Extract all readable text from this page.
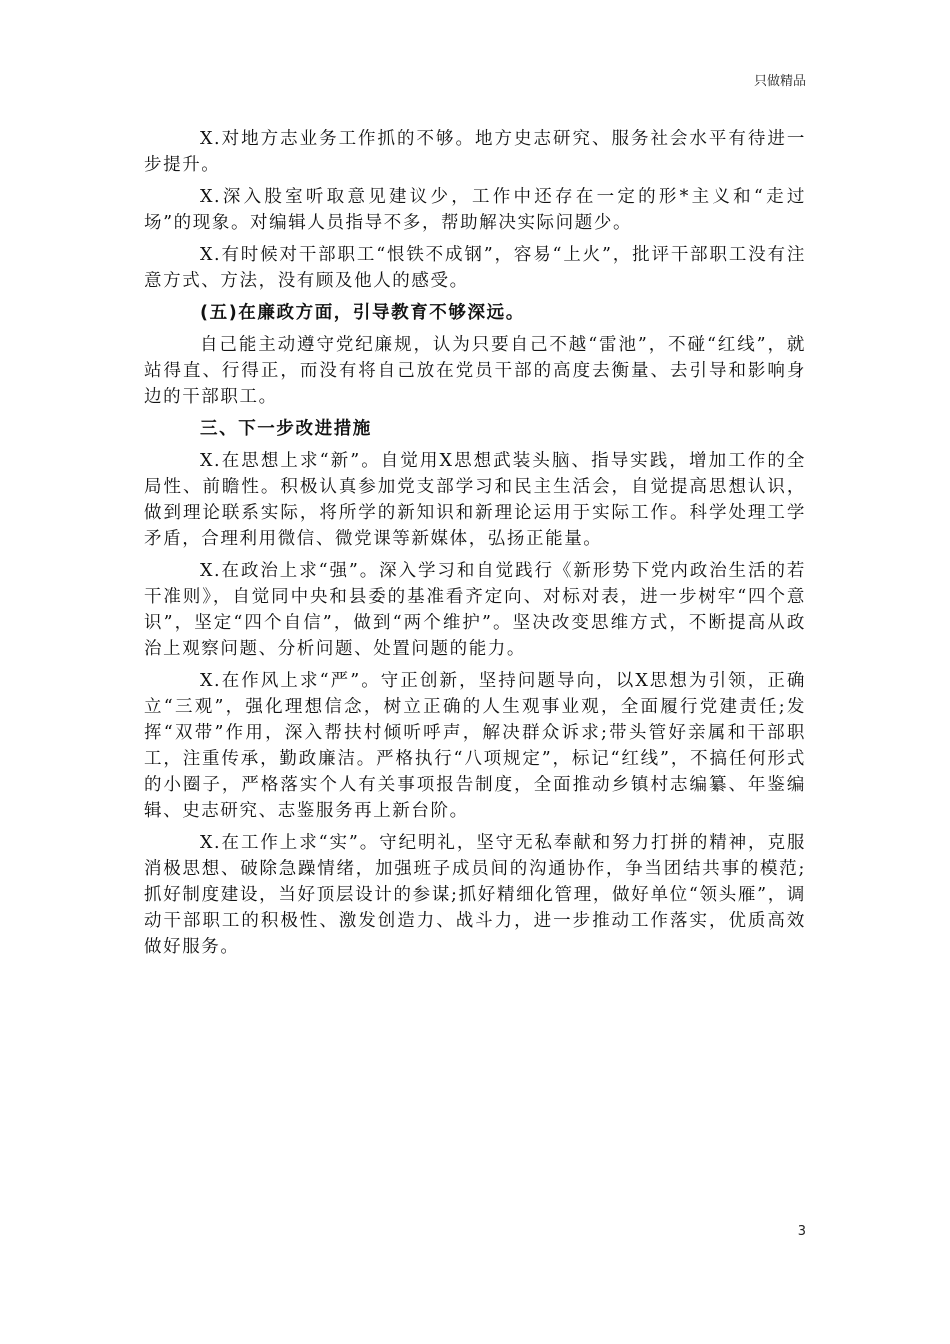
只做精品

X.对地方志业务工作抓的不够。地方史志研究、服务社会水平有待进一步提升。

X.深入股室听取意见建议少，工作中还存在一定的形*主义和“走过场”的现象。对编辑人员指导不多，帮助解决实际问题少。

X.有时候对干部职工“恨铁不成钢”，容易“上火”，批评干部职工没有注意方式、方法，没有顾及他人的感受。

(五)在廉政方面，引导教育不够深远。

自己能主动遵守党纪廉规，认为只要自己不越“雷池”，不碰“红线”，就站得直、行得正，而没有将自己放在党员干部的高度去衡量、去引导和影响身边的干部职工。

三、下一步改进措施

X.在思想上求“新”。自觉用X思想武装头脑、指导实践，增加工作的全局性、前瞻性。积极认真参加党支部学习和民主生活会，自觉提高思想认识，做到理论联系实际，将所学的新知识和新理论运用于实际工作。科学处理工学矛盾，合理利用微信、微党课等新媒体，弘扬正能量。

X.在政治上求“强”。深入学习和自觉践行《新形势下党内政治生活的若干准则》，自觉同中央和县委的基准看齐定向、对标对表，进一步树牢“四个意识”，坚定“四个自信”，做到“两个维护”。坚决改变思维方式，不断提高从政治上观察问题、分析问题、处置问题的能力。

X.在作风上求“严”。守正创新，坚持问题导向，以X思想为引领，正确立“三观”，强化理想信念，树立正确的人生观事业观，全面履行党建责任;发挥“双带”作用，深入帮扶村倾听呼声，解决群众诉求;带头管好亲属和干部职工，注重传承，勤政廉洁。严格执行“八项规定”，标记“红线”，不搞任何形式的小圈子，严格落实个人有关事项报告制度，全面推动乡镇村志编纂、年鉴编辑、史志研究、志鉴服务再上新台阶。

X.在工作上求“实”。守纪明礼，坚守无私奉献和努力打拼的精神，克服消极思想、破除急躁情绪，加强班子成员间的沟通协作，争当团结共事的模范;抓好制度建设，当好顶层设计的参谋;抓好精细化管理，做好单位“领头雁”，调动干部职工的积极性、激发创造力、战斗力，进一步推动工作落实，优质高效做好服务。

3
